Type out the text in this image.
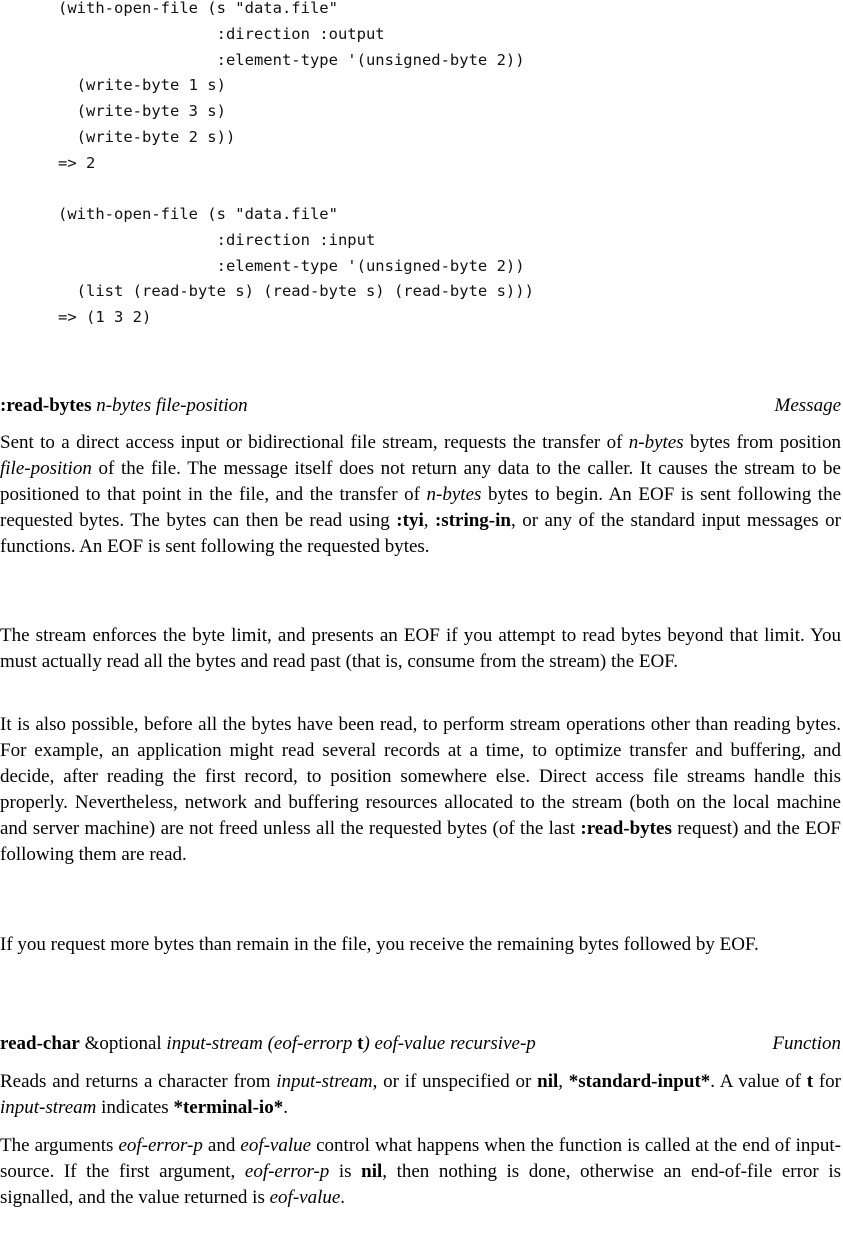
(with-open-file (s "data.file"
:direction :output
:element-type '(unsigned-byte 2))
(write-byte 1 s)
(write-byte 3 s)
(write-byte 2 s))
=> 2
(with-open-file (s "data.file"
:direction :input
:element-type '(unsigned-byte 2))
(list (read-byte s) (read-byte s) (read-byte s)))
=> (1 3 2)
:read-bytes n-bytes file-position	Message

Sent to a direct access input or bidirectional file stream, requests the transfer of n-bytes bytes from position file-position of the file. The message itself does not return any data to the caller. It causes the stream to be positioned to that point in the file, and the transfer of n-bytes bytes to begin. An EOF is sent following the requested bytes. The bytes can then be read using :tyi, :string-in, or any of the standard input messages or functions. An EOF is sent following the requested bytes.

The stream enforces the byte limit, and presents an EOF if you attempt to read bytes beyond that limit. You must actually read all the bytes and read past (that is, consume from the stream) the EOF.

It is also possible, before all the bytes have been read, to perform stream operations other than reading bytes. For example, an application might read several records at a time, to optimize transfer and buffering, and decide, after reading the first record, to position somewhere else. Direct access file streams handle this properly. Nevertheless, network and buffering resources allocated to the stream (both on the local machine and server machine) are not freed unless all the requested bytes (of the last :read-bytes request) and the EOF following them are read.

If you request more bytes than remain in the file, you receive the remaining bytes followed by EOF.

read-char &optional input-stream (eof-errorp t) eof-value recursive-p	Function

Reads and returns a character from input-stream, or if unspecified or nil, *standard-input*. A value of t for input-stream indicates *terminal-io*.

The arguments eof-error-p and eof-value control what happens when the function is called at the end of input-source. If the first argument, eof-error-p is nil, then nothing is done, otherwise an end-of-file error is signalled, and the value returned is eof-value.
